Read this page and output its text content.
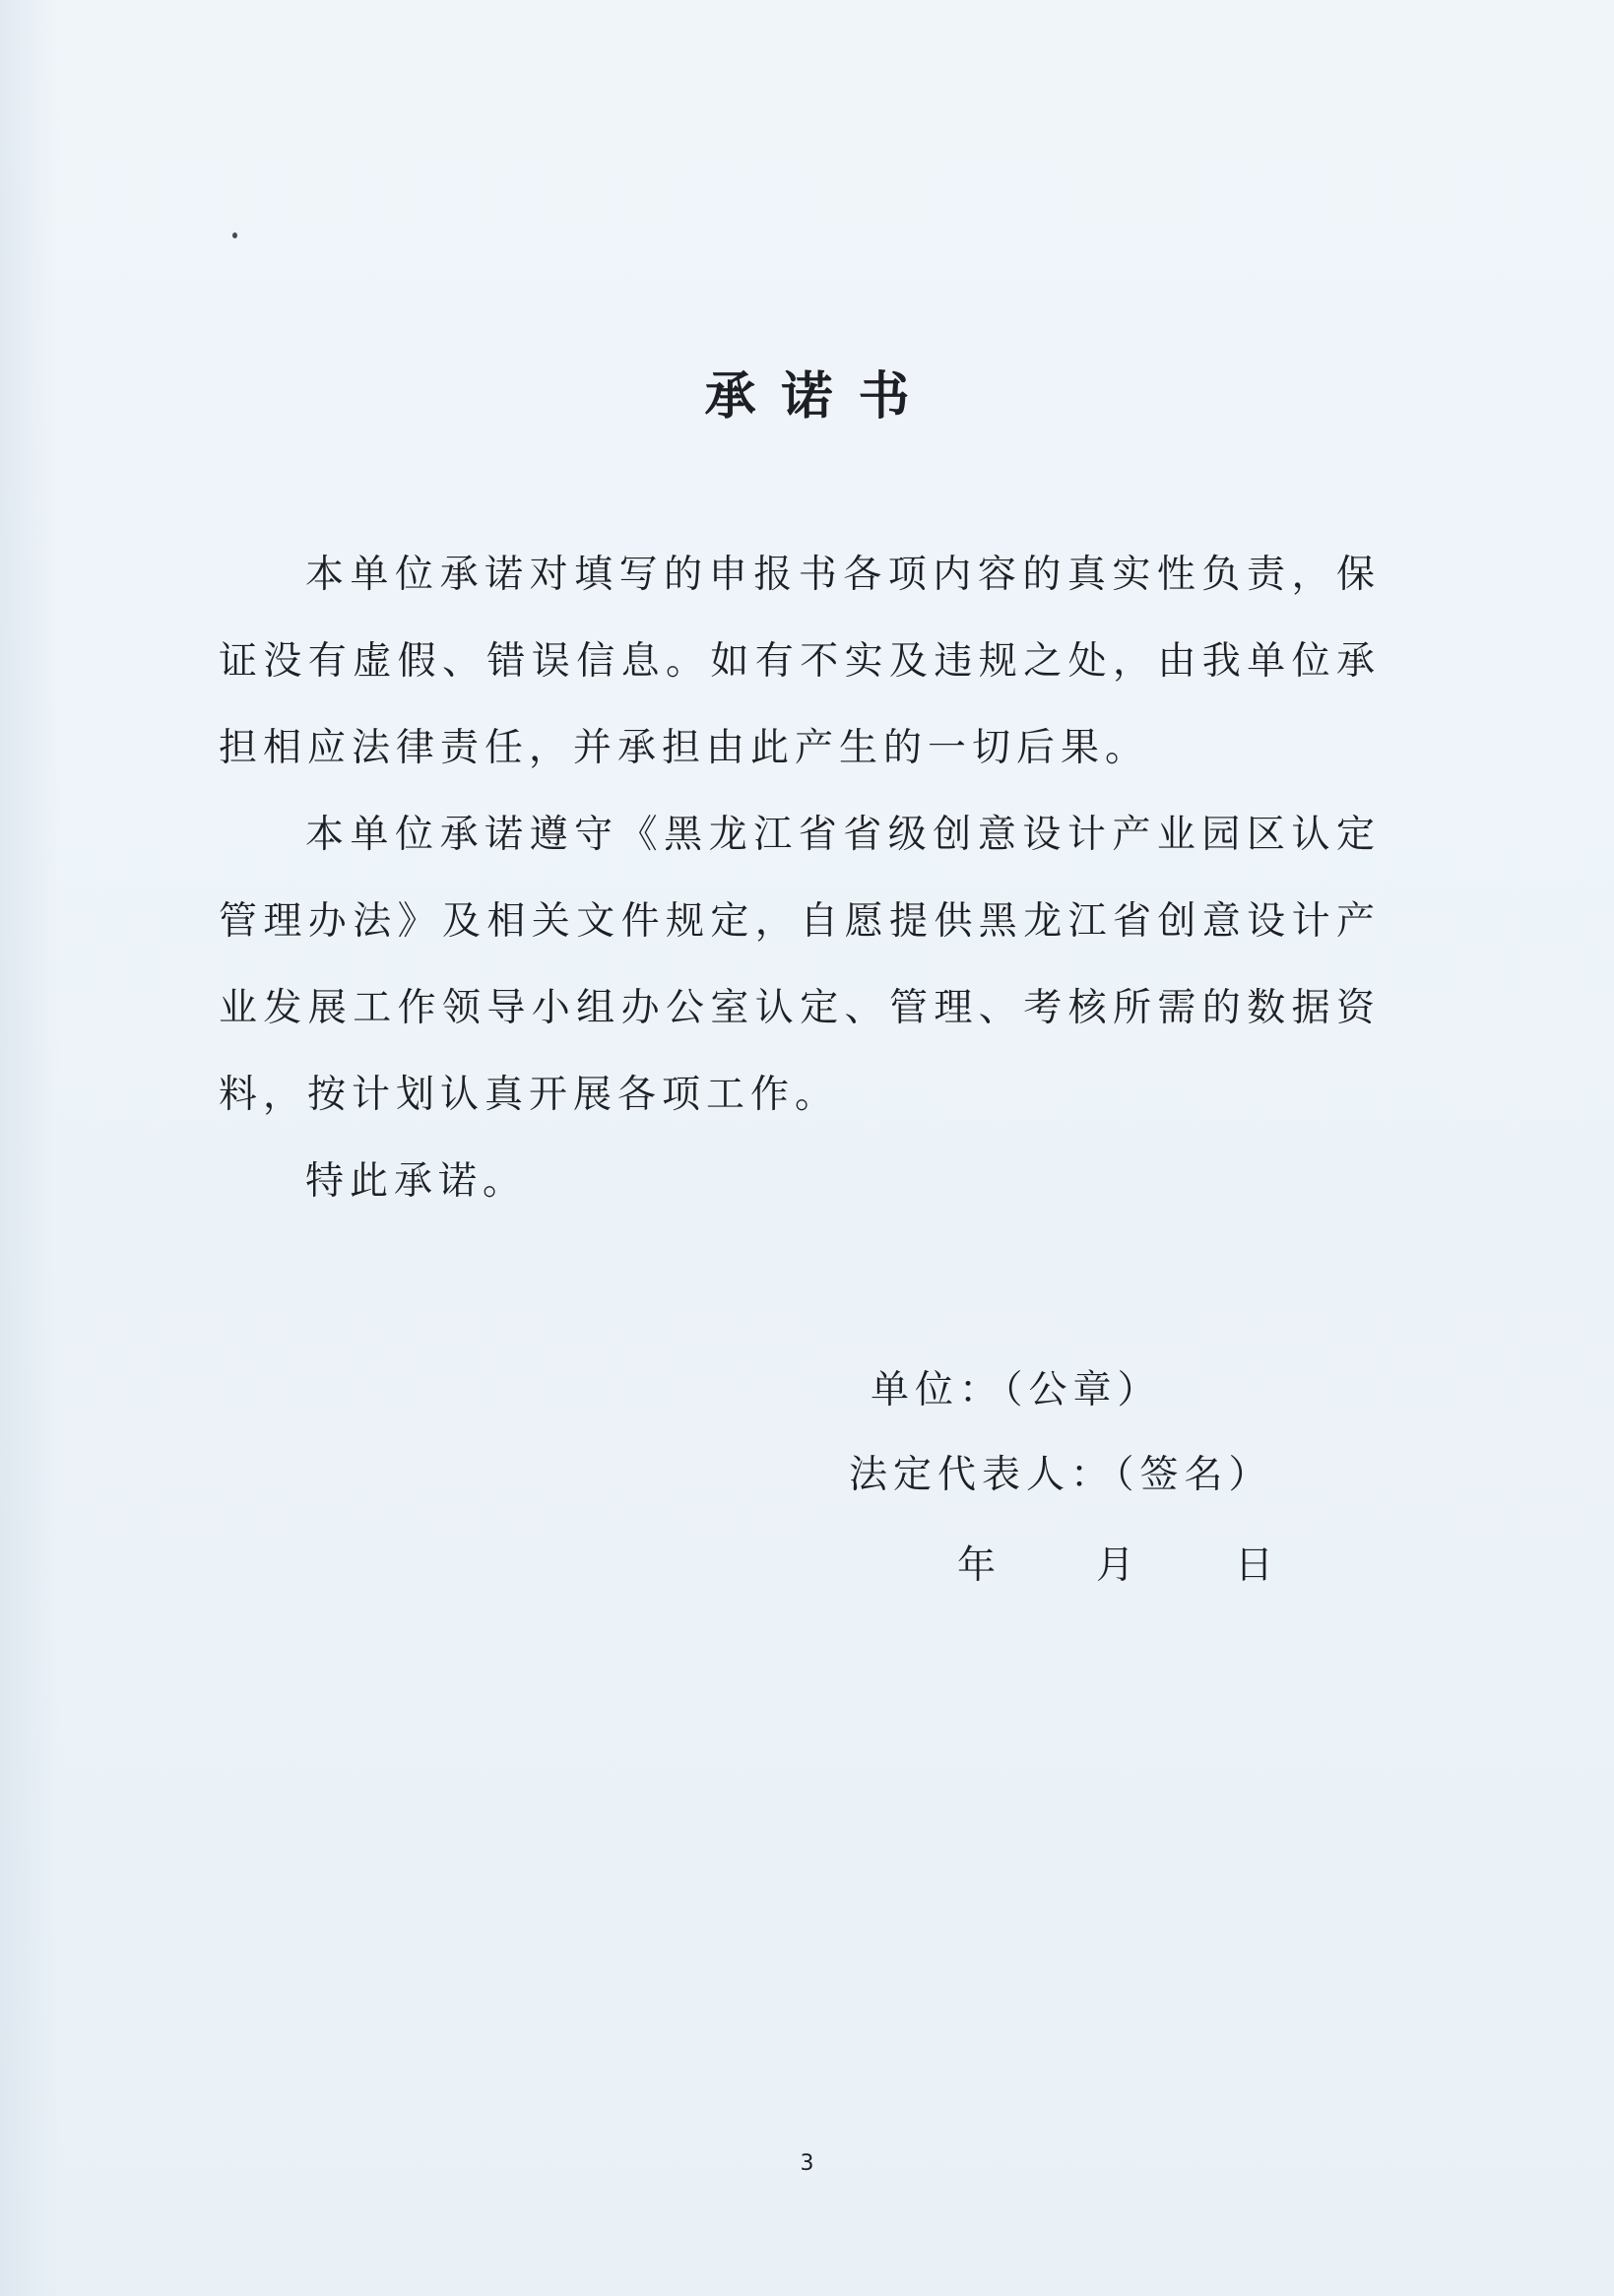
承诺书

本单位承诺对填写的申报书各项内容的真实性负责，保证没有虚假、错误信息。如有不实及违规之处，由我单位承担相应法律责任，并承担由此产生的一切后果。

本单位承诺遵守《黑龙江省省级创意设计产业园区认定管理办法》及相关文件规定，自愿提供黑龙江省创意设计产业发展工作领导小组办公室认定、管理、考核所需的数据资料，按计划认真开展各项工作。

特此承诺。

单位：（公章）
法定代表人：（签名）
年 月 日
3
